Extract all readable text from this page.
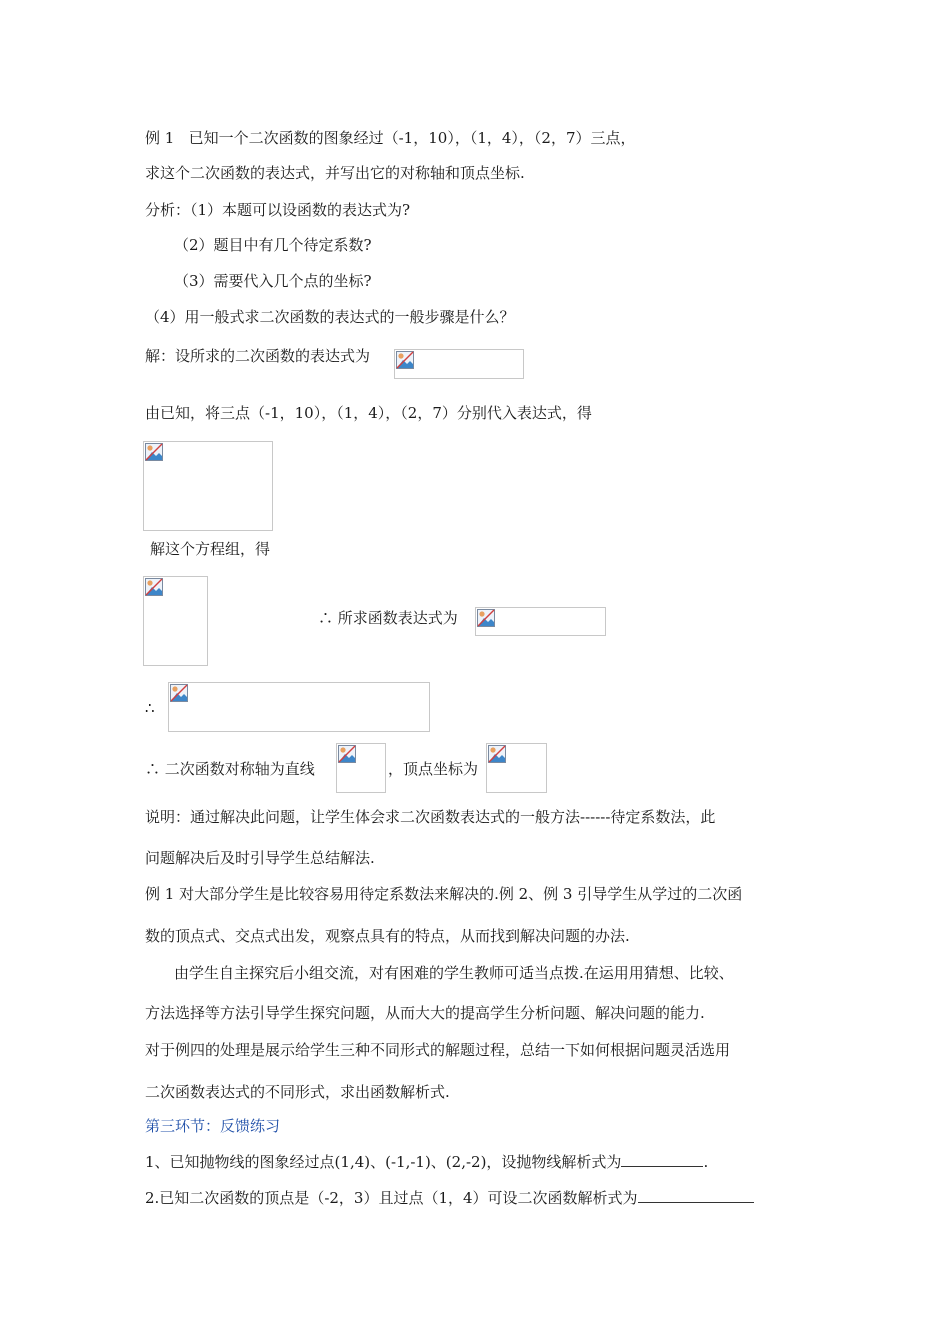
例 1   已知一个二次函数的图象经过（-1，10），（1，4），（2，7）三点，
求这个二次函数的表达式，并写出它的对称轴和顶点坐标.
分析：（1）本题可以设函数的表达式为?
（2）题目中有几个待定系数?
（3）需要代入几个点的坐标?
（4）用一般式求二次函数的表达式的一般步骤是什么？
解：设所求的二次函数的表达式为
由已知，将三点（-1，10），（1，4），（2，7）分别代入表达式，得
解这个方程组，得
∴ 所求函数表达式为
∴
∴ 二次函数对称轴为直线	，顶点坐标为
说明：通过解决此问题，让学生体会求二次函数表达式的一般方法------待定系数法，此
问题解决后及时引导学生总结解法.
例 1 对大部分学生是比较容易用待定系数法来解决的.例 2、例 3 引导学生从学过的二次函
数的顶点式、交点式出发，观察点具有的特点，从而找到解决问题的办法.
由学生自主探究后小组交流，对有困难的学生教师可适当点拨.在运用用猜想、比较、
方法选择等方法引导学生探究问题，从而大大的提高学生分析问题、解决问题的能力.
对于例四的处理是展示给学生三种不同形式的解题过程，总结一下如何根据问题灵活选用
二次函数表达式的不同形式，求出函数解析式.
第三环节：反馈练习
1、已知抛物线的图象经过点(1,4)、(-1,-1)、(2,-2)，设抛物线解析式为	.
2.已知二次函数的顶点是（-2，3）且过点（1，4）可设二次函数解析式为
